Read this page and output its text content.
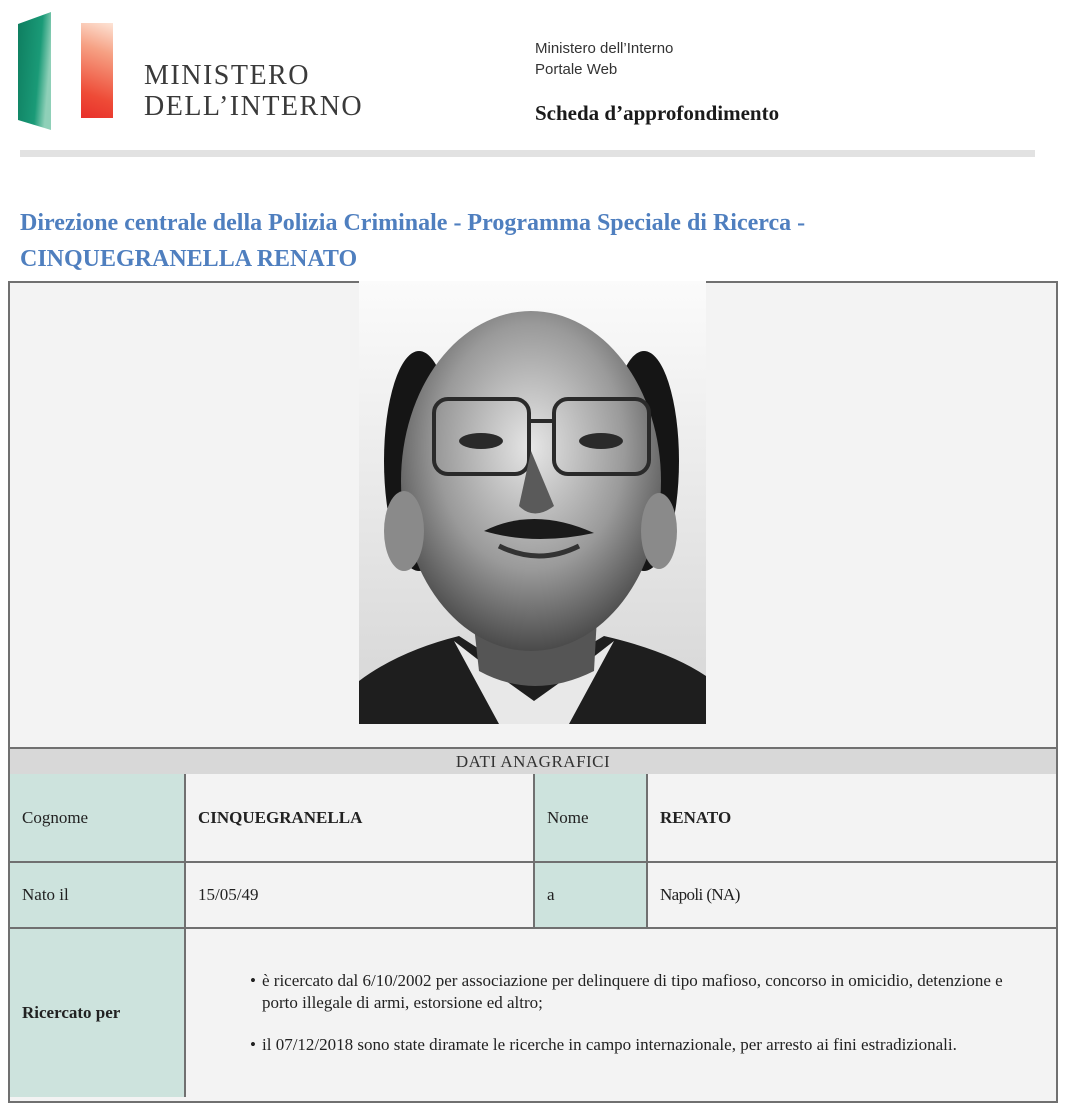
MINISTERO
DELL’INTERNO
Ministero dell’Interno
Portale Web
Scheda d’approfondimento
Direzione centrale della Polizia Criminale - Programma Speciale di Ricerca -
CINQUEGRANELLA RENATO
DATI ANAGRAFICI
Cognome	CINQUEGRANELLA	Nome	RENATO
Nato il	15/05/49	a	Napoli (NA)
Ricercato per	
• è ricercato dal 6/10/2002 per associazione per delinquere di tipo mafioso, concorso in omicidio, detenzione e porto illegale di armi, estorsione ed altro;
• il 07/12/2018 sono state diramate le ricerche in campo internazionale, per arresto ai fini estradizionali.
